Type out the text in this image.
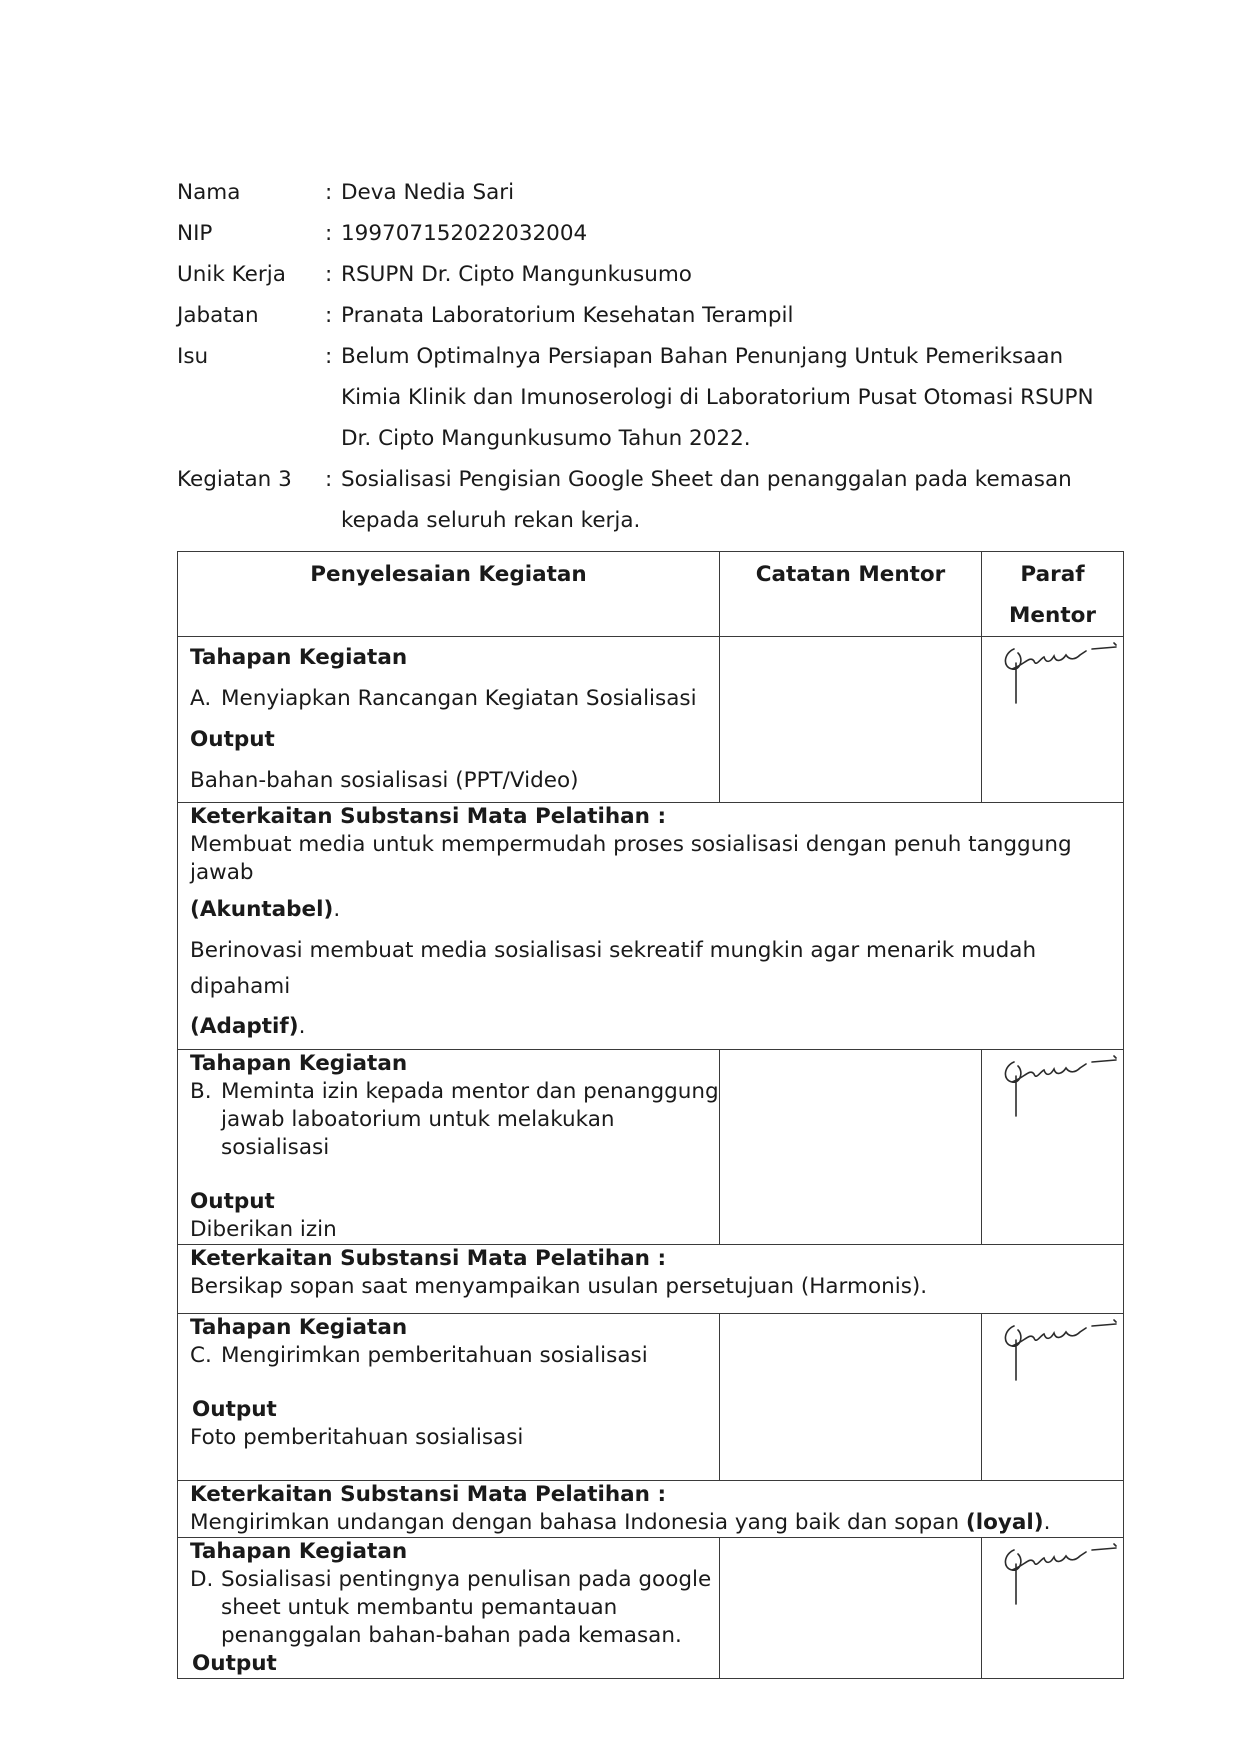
Nama	: Deva Nedia Sari
NIP	: 199707152022032004
Unik Kerja	: RSUPN Dr. Cipto Mangunkusumo
Jabatan	: Pranata Laboratorium Kesehatan Terampil
Isu	: Belum Optimalnya Persiapan Bahan Penunjang Untuk Pemeriksaan Kimia Klinik dan Imunoserologi di Laboratorium Pusat Otomasi RSUPN Dr. Cipto Mangunkusumo Tahun 2022.
Kegiatan 3	: Sosialisasi Pengisian Google Sheet dan penanggalan pada kemasan kepada seluruh rekan kerja.
Penyelesaian Kegiatan	Catatan Mentor	Paraf
Mentor

Tahapan Kegiatan
A. Menyiapkan Rancangan Kegiatan Sosialisasi
Output
Bahan-bahan sosialisasi (PPT/Video)

Keterkaitan Substansi Mata Pelatihan :
Membuat media untuk mempermudah proses sosialisasi dengan penuh tanggung jawab
(Akuntabel).
Berinovasi membuat media sosialisasi sekreatif mungkin agar menarik mudah dipahami
(Adaptif).		

Tahapan Kegiatan
B. Meminta izin kepada mentor dan penanggung jawab laboatorium untuk melakukan sosialisasi
Output
Diberikan izin

Keterkaitan Substansi Mata Pelatihan :
Bersikap sopan saat menyampaikan usulan persetujuan (Harmonis).		

Tahapan Kegiatan
C. Mengirimkan pemberitahuan sosialisasi
Output
Foto pemberitahuan sosialisasi

Keterkaitan Substansi Mata Pelatihan :
Mengirimkan undangan dengan bahasa Indonesia yang baik dan sopan (loyal).		

Tahapan Kegiatan
D. Sosialisasi pentingnya penulisan pada google sheet untuk membantu pemantauan penanggalan bahan-bahan pada kemasan.
Output
